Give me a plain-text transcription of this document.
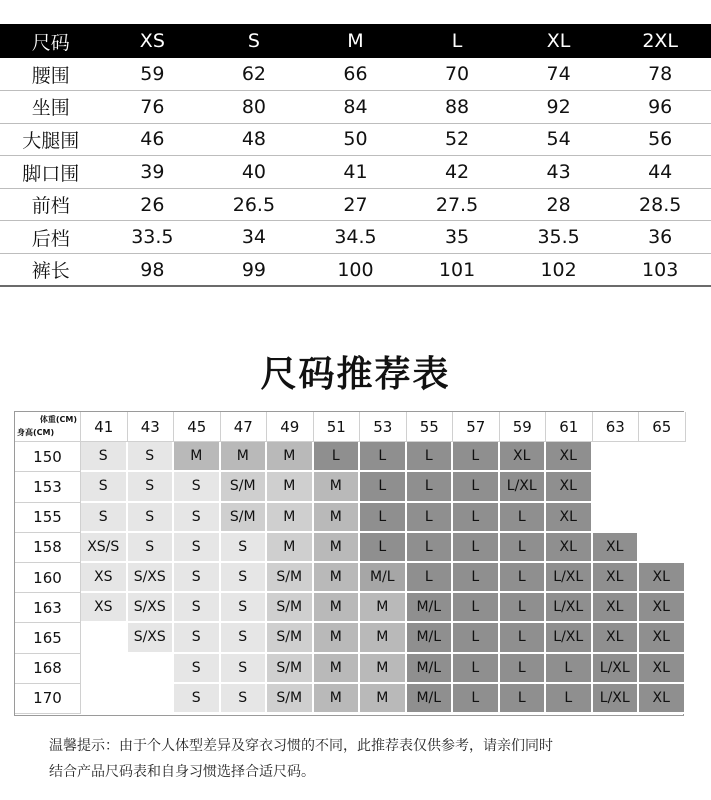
尺码	XS	S	M	L	XL	2XL
腰围	59	62	66	70	74	78
坐围	76	80	84	88	92	96
大腿围	46	48	50	52	54	56
脚口围	39	40	41	42	43	44
前档	26	26.5	27	27.5	28	28.5
后档	33.5	34	34.5	35	35.5	36
裤长	98	99	100	101	102	103
尺码推荐表
体重(CM)
身高(CM)	41	43	45	47	49	51	53	55	57	59	61	63	65
150	S	S	M	M	M	L	L	L	L	XL	XL		
153	S	S	S	S/M	M	M	L	L	L	L/XL	XL		
155	S	S	S	S/M	M	M	L	L	L	L	XL		
158	XS/S	S	S	S	M	M	L	L	L	L	XL	XL	
160	XS	S/XS	S	S	S/M	M	M/L	L	L	L	L/XL	XL	XL
163	XS	S/XS	S	S	S/M	M	M	M/L	L	L	L/XL	XL	XL
165		S/XS	S	S	S/M	M	M	M/L	L	L	L/XL	XL	XL
168			S	S	S/M	M	M	M/L	L	L	L	L/XL	XL
170			S	S	S/M	M	M	M/L	L	L	L	L/XL	XL
温馨提示：由于个人体型差异及穿衣习惯的不同，此推荐表仅供参考，请亲们同时
结合产品尺码表和自身习惯选择合适尺码。
